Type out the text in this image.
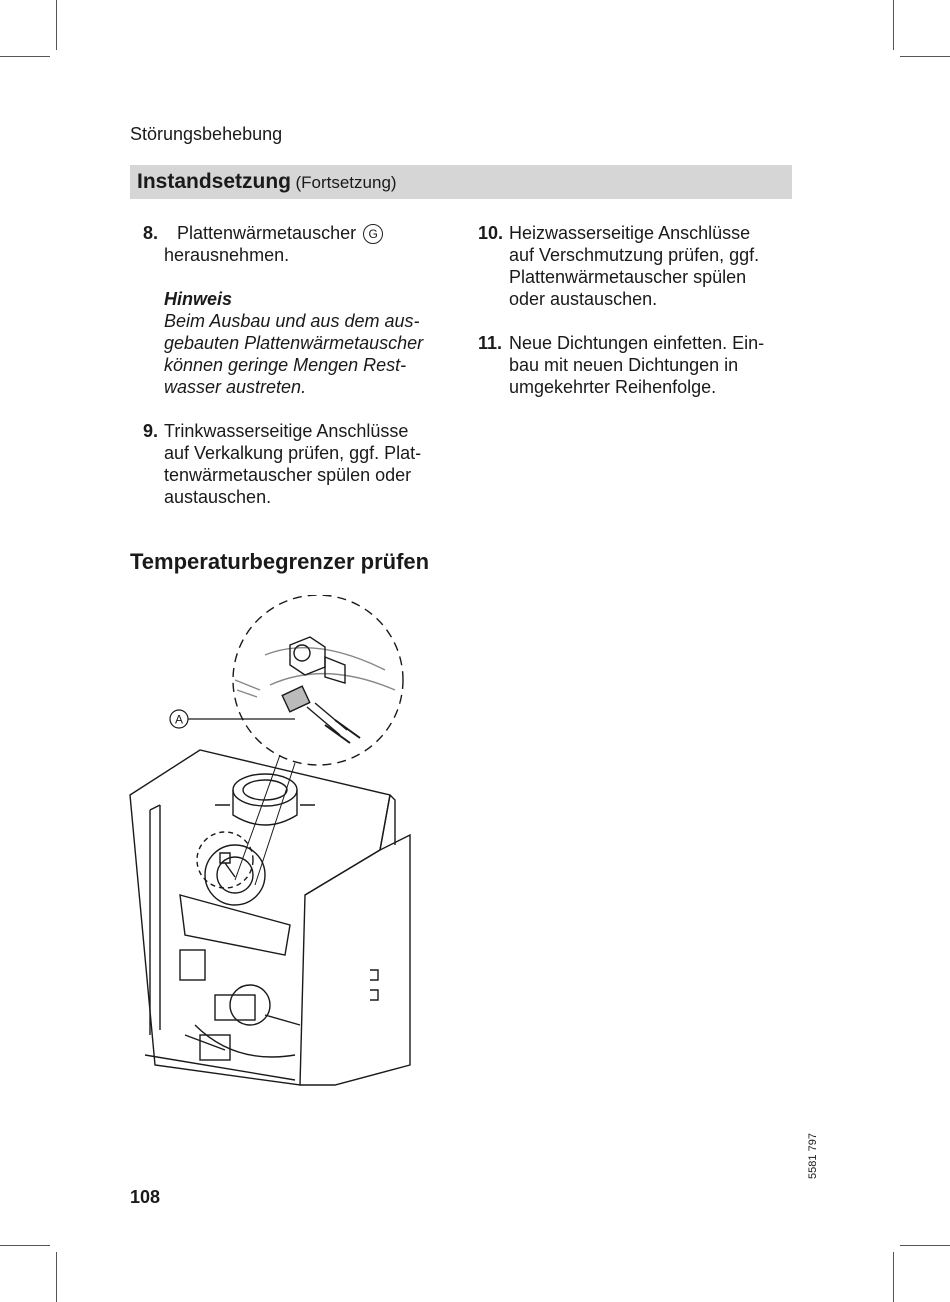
Störungsbehebung
Instandsetzung (Fortsetzung)
8. Plattenwärmetauscher G
herausnehmen.
Hinweis
Beim Ausbau und aus dem aus-
gebauten Plattenwärmetauscher
können geringe Mengen Rest-
wasser austreten.
9. Trinkwasserseitige Anschlüsse
auf Verkalkung prüfen, ggf. Plat-
tenwärmetauscher spülen oder
austauschen.
10. Heizwasserseitige Anschlüsse
auf Verschmutzung prüfen, ggf.
Plattenwärmetauscher spülen
oder austauschen.
11. Neue Dichtungen einfetten. Ein-
bau mit neuen Dichtungen in
umgekehrter Reihenfolge.
Temperaturbegrenzer prüfen
A
5581 797
108
